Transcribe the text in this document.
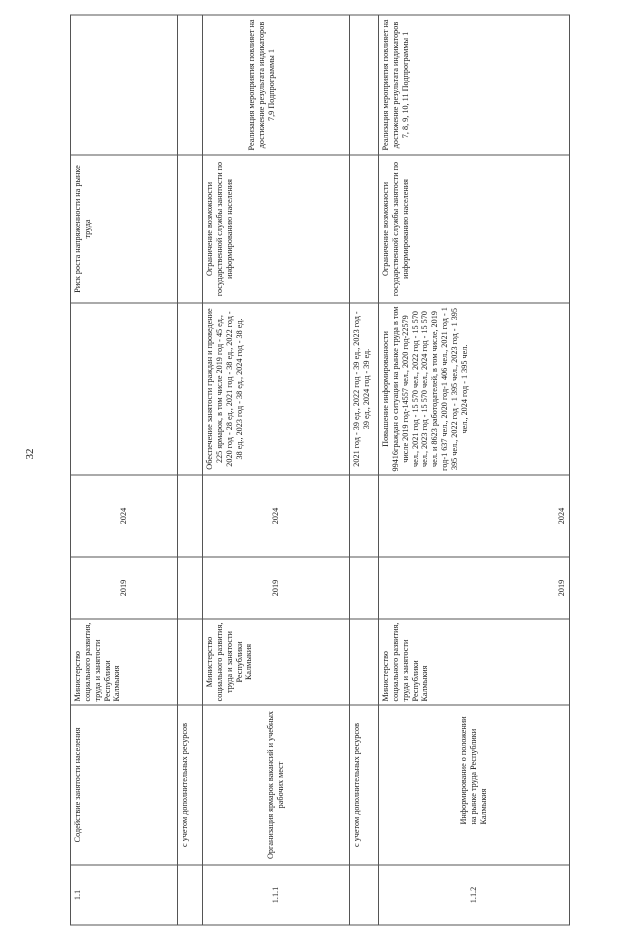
32
1.1	Содействие занятости населения	Министерство социального развития, труда и занятости Республики Калмыкия	2019	2024		Риск роста напряженности на рынке труда	
	с учетом дополнительных ресурсов						
1.1.1	Организация ярмарок вакансий и учебных рабочих мест	Министерство социального развития, труда и занятости Республики Калмыкия	2019	2024	Обеспечение занятости граждан и проведение 225 ярмарок, в том числе 2019 год - 45 ед., 2020 год - 28 ед., 2021 год - 38 ед., 2022 год - 38 ед., 2023 год - 38 ед., 2024 год - 38 ед.	Ограничение возможности государственной службы занятости по информированию населения	Реализация мероприятия повлияет на достижение результата индикаторов 7,9 Подпрограммы 1
	с учетом дополнительных ресурсов				2021 год - 39 ед., 2022 год - 39 ед., 2023 год - 39 ед., 2024 год - 39 ед.		
1.1.2	Информирование о положении на рынке труда Республики Калмыкия	Министерство социального развития, труда и занятости Республики Калмыкия	2019	2024	Повышение информированности 99416граждан о ситуации на рынке труда в том числе 2019 год-14557 чел., 2020 год-22579 чел., 2021 год - 15 570 чел., 2022 год - 15 570 чел., 2023 год - 15 570 чел., 2024 год - 15 570 чел. и 8623 работодателей, в том числе, 2019 год-1 637 чел., 2020 год-1 406 чел., 2021 год - 1 395 чел., 2022 год - 1 395 чел., 2023 год - 1 395 чел., 2024 год - 1 395 чел.	Ограничение возможности государственной службы занятости по информированию населения	Реализация мероприятия повлияет на достижение результата индикаторов 7, 8, 9, 10, 11 Подпрограммы 1
